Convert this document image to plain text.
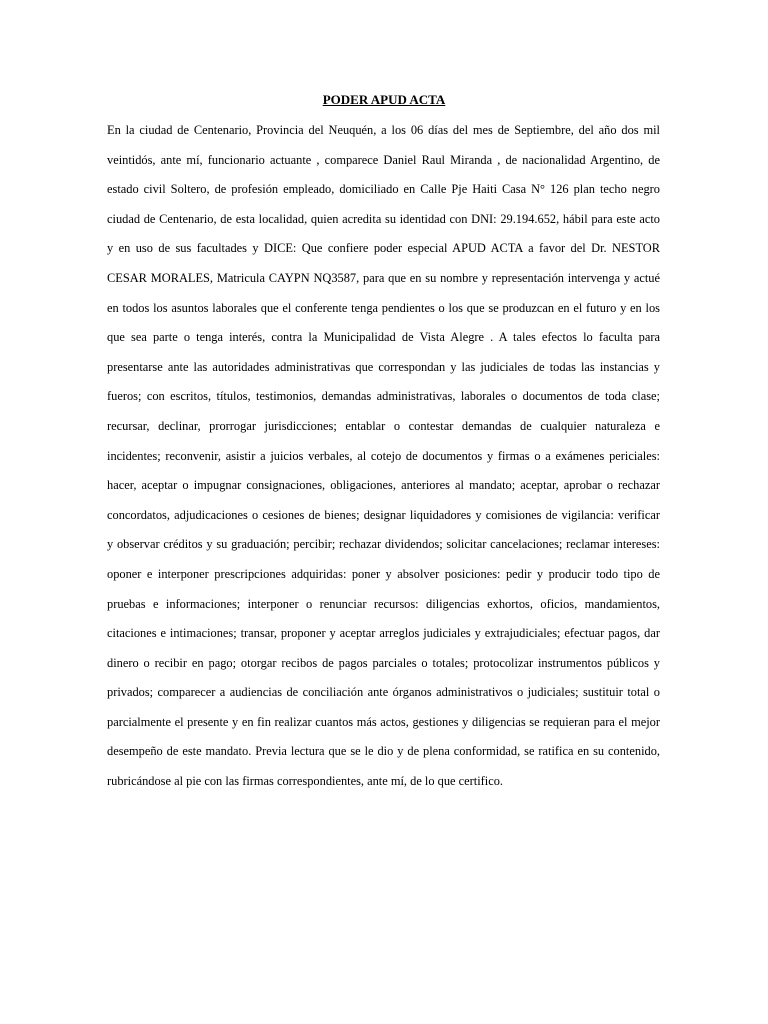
PODER APUD ACTA
En la ciudad de Centenario, Provincia del Neuquén, a los 06 días del mes de Septiembre, del año dos mil
veintidós, ante mí, funcionario actuante , comparece Daniel Raul Miranda , de nacionalidad Argentino, de
estado civil Soltero, de profesión empleado, domiciliado en Calle Pje Haiti Casa N° 126 plan techo negro
ciudad de Centenario, de esta localidad, quien acredita su identidad con DNI: 29.194.652, hábil para este acto
y en uso de sus facultades y DICE: Que confiere poder especial APUD ACTA a favor del Dr. NESTOR
CESAR MORALES, Matricula CAYPN NQ3587, para que en su nombre y representación intervenga y actué
en todos los asuntos laborales que el conferente tenga pendientes o los que se produzcan en el futuro y en los
que sea parte o tenga interés, contra la Municipalidad de Vista Alegre . A tales efectos lo faculta para
presentarse ante las autoridades administrativas que correspondan y las judiciales de todas las instancias y
fueros; con escritos, títulos, testimonios, demandas administrativas, laborales o documentos de toda clase;
recursar, declinar, prorrogar jurisdicciones; entablar o contestar demandas de cualquier naturaleza e
incidentes; reconvenir, asistir a juicios verbales, al cotejo de documentos y firmas o a exámenes periciales:
hacer, aceptar o impugnar consignaciones, obligaciones, anteriores al mandato; aceptar, aprobar o rechazar
concordatos, adjudicaciones o cesiones de bienes; designar liquidadores y comisiones de vigilancia: verificar
y observar créditos y su graduación; percibir; rechazar dividendos; solicitar cancelaciones; reclamar intereses:
oponer e interponer prescripciones adquiridas: poner y absolver posiciones: pedir y producir todo tipo de
pruebas e informaciones; interponer o renunciar recursos: diligencias exhortos, oficios, mandamientos,
citaciones e intimaciones; transar, proponer y aceptar arreglos judiciales y extrajudiciales; efectuar pagos, dar
dinero o recibir en pago; otorgar recibos de pagos parciales o totales; protocolizar instrumentos públicos y
privados; comparecer a audiencias de conciliación ante órganos administrativos o judiciales; sustituir total o
parcialmente el presente y en fin realizar cuantos más actos, gestiones y diligencias se requieran para el mejor
desempeño de este mandato. Previa lectura que se le dio y de plena conformidad, se ratifica en su contenido,
rubricándose al pie con las firmas correspondientes, ante mí, de lo que certifico.
